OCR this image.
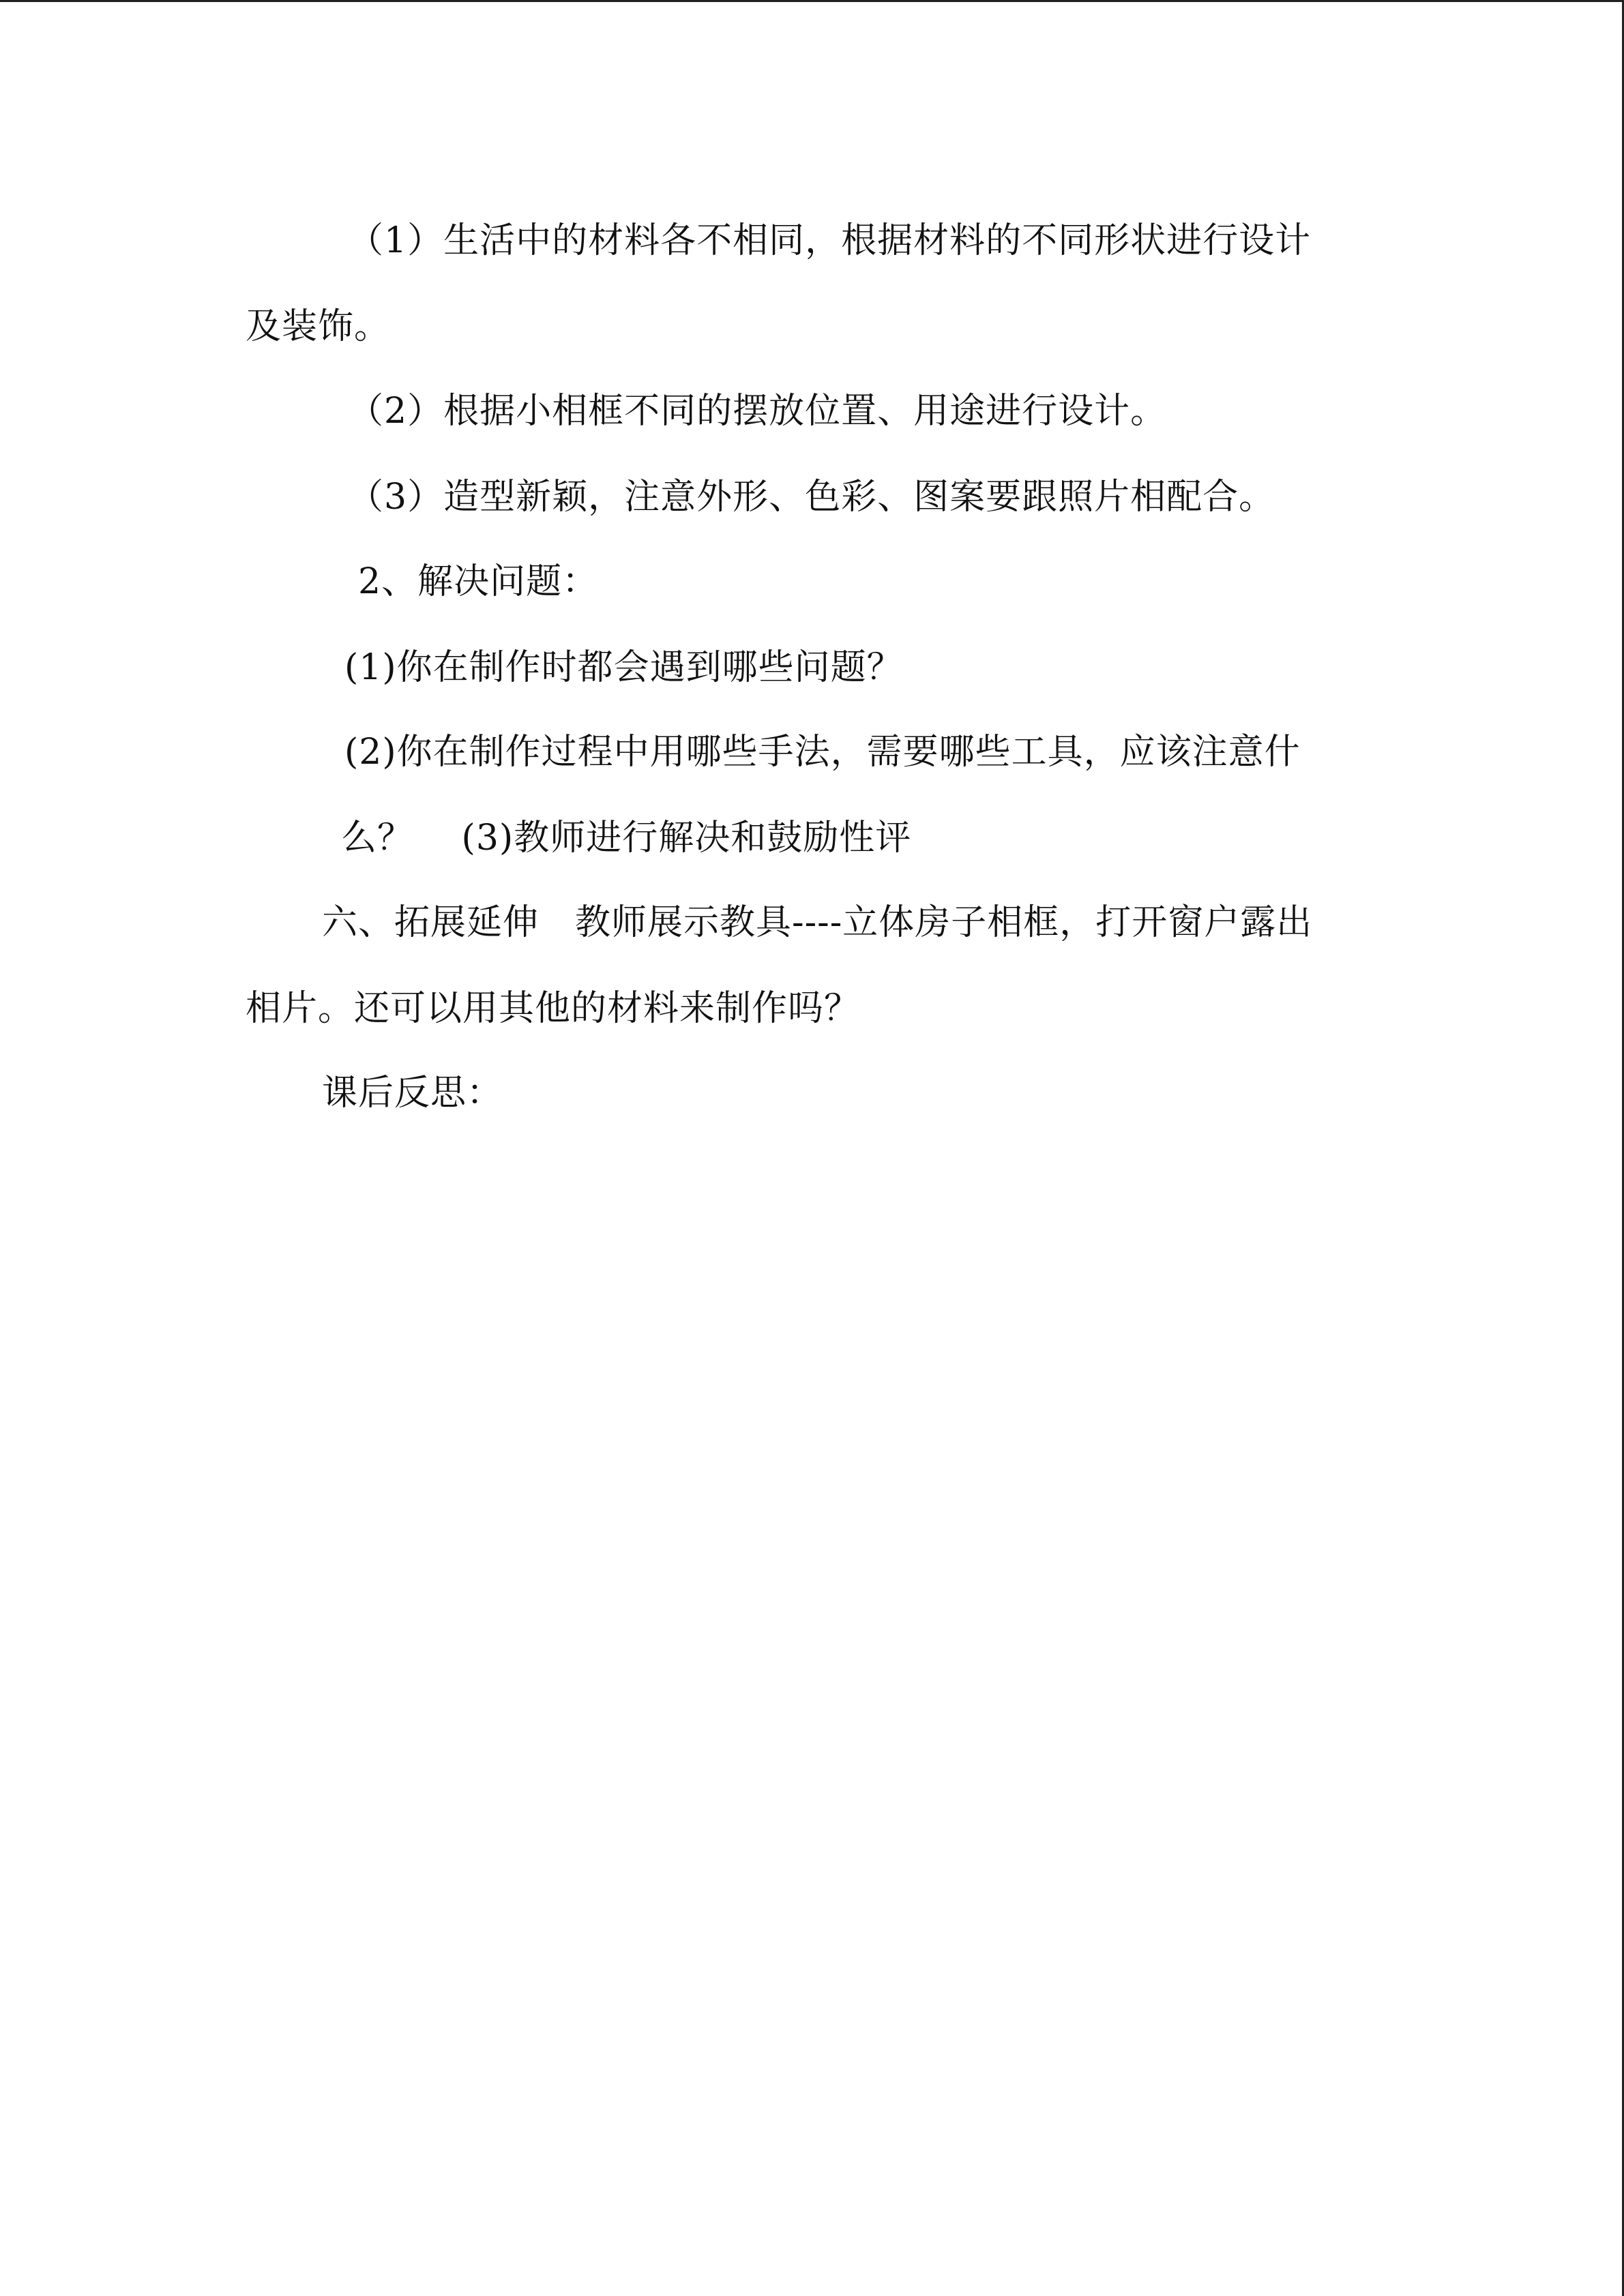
（1）生活中的材料各不相同，根据材料的不同形状进行设计
及装饰。
（2）根据小相框不同的摆放位置、用途进行设计。
（3）造型新颖，注意外形、色彩、图案要跟照片相配合。
2、解决问题：
(1)你在制作时都会遇到哪些问题？
(2)你在制作过程中用哪些手法，需要哪些工具，应该注意什
么？　 (3)教师进行解决和鼓励性评
六、拓展延伸　教师展示教具----立体房子相框，打开窗户露出
相片。还可以用其他的材料来制作吗？
课后反思：
